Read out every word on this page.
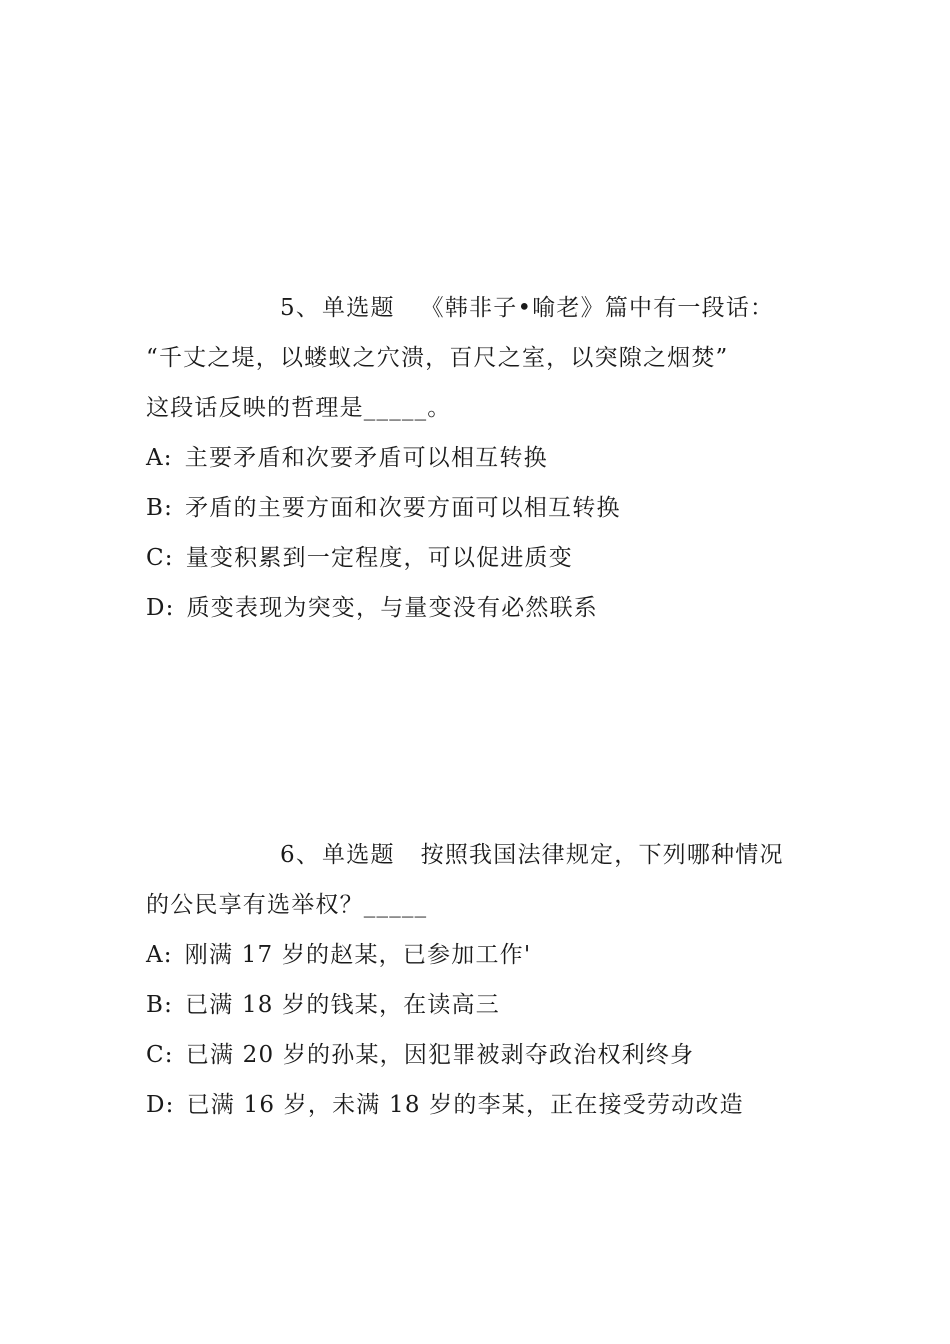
5、单选题 《韩非子•喻老》篇中有一段话：
“千丈之堤，以蝼蚁之穴溃，百尺之室，以突隙之烟焚”
这段话反映的哲理是_____。
A: 主要矛盾和次要矛盾可以相互转换
B: 矛盾的主要方面和次要方面可以相互转换
C: 量变积累到一定程度，可以促进质变
D: 质变表现为突变，与量变没有必然联系
6、单选题 按照我国法律规定，下列哪种情况
的公民享有选举权？_____
A: 刚满 17 岁的赵某，已参加工作'
B: 已满 18 岁的钱某，在读高三
C: 已满 20 岁的孙某，因犯罪被剥夺政治权利终身
D: 已满 16 岁，未满 18 岁的李某，正在接受劳动改造
